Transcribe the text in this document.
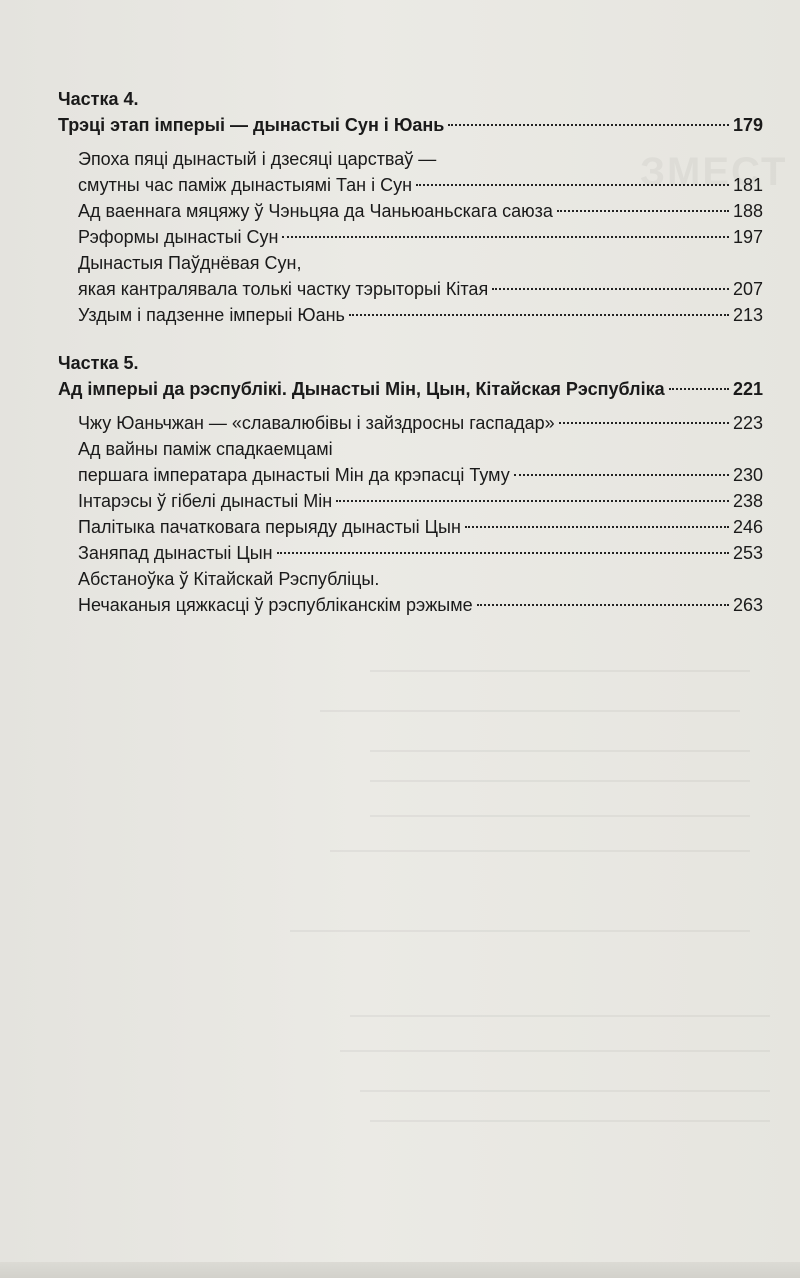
Частка 4.
Трэці этап імперыі — дынастыі Сун і Юань	179
Эпоха пяці дынастый і дзесяці царстваў —
смутны час паміж дынастыямі Тан і Сун	181
Ад ваеннага мяцяжу ў Чэньцяа да Чаньюаньскага саюза	188
Рэформы дынастыі Сун	197
Дынастыя Паўднёвая Сун,
якая кантралявала толькі частку тэрыторыі Кітая	207
Уздым і падзенне імперыі Юань	213
Частка 5.
Ад імперыі да рэспублікі. Дынастыі Мін, Цын, Кітайская Рэспубліка	221
Чжу Юаньчжан — «славалюбівы і зайздросны гаспадар»	223
Ад вайны паміж спадкаемцамі
першага імператара дынастыі Мін да крэпасці Туму	230
Інтарэсы ў гібелі дынастыі Мін	238
Палітыка пачатковага перыяду дынастыі Цын	246
Заняпад дынастыі Цын	253
Абстаноўка ў Кітайскай Рэспубліцы.
Нечаканыя цяжкасці ў рэспубліканскім рэжыме	263
